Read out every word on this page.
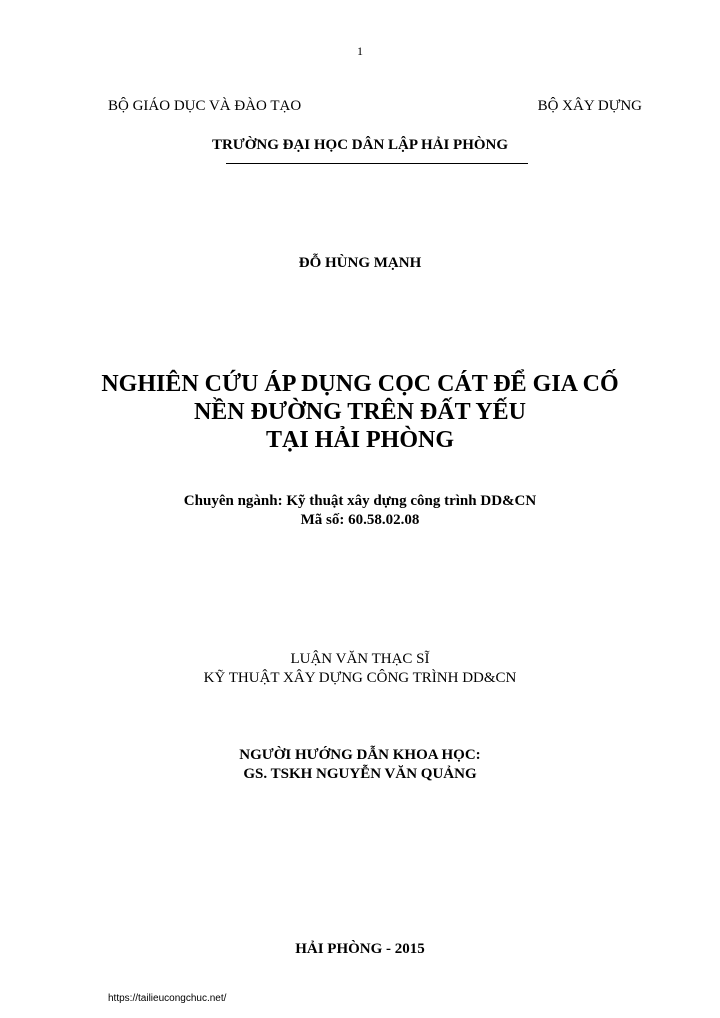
1
BỘ GIÁO DỤC VÀ ĐÀO TẠO	BỘ XÂY DỰNG
TRƯỜNG ĐẠI HỌC DÂN LẬP HẢI PHÒNG
ĐỖ HÙNG MẠNH
NGHIÊN CỨU ÁP DỤNG CỌC CÁT ĐỂ GIA CỐ
NỀN ĐƯỜNG TRÊN ĐẤT YẾU
TẠI HẢI PHÒNG
Chuyên ngành: Kỹ thuật xây dựng công trình DD&CN
Mã số: 60.58.02.08
LUẬN VĂN THẠC SĨ
KỸ THUẬT XÂY DỰNG CÔNG TRÌNH DD&CN
NGƯỜI HƯỚNG DẪN KHOA HỌC:
GS. TSKH NGUYỄN VĂN QUẢNG
HẢI PHÒNG - 2015
https://tailieucongchuc.net/
